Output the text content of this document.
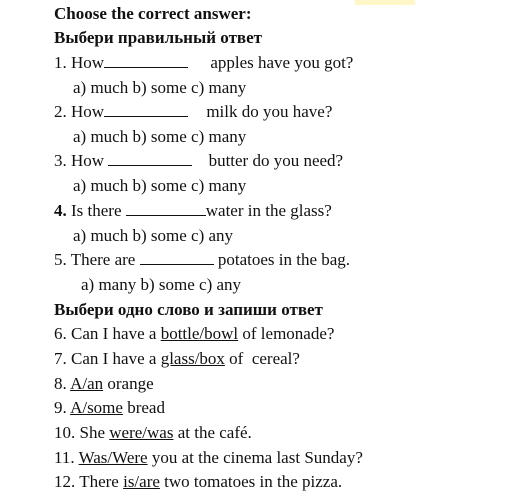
Choose the correct answer:
Выбери правильный ответ
1. How	apples have you got?
a) much b) some c) many
2. How	milk do you have?
a) much b) some c) many
3. How	butter do you need?
a) much b) some c) many
4. Is there	water in the glass?
a) much b) some c) any
5. There are	potatoes in the bag.
a) many b) some c) any
Выбери одно слово и запиши ответ
6. Can I have a bottle/bowl of lemonade?
7. Can I have a glass/box of  cereal?
8. A/an orange
9. A/some bread
10. She were/was at the café.
11. Was/Were you at the cinema last Sunday?
12. There is/are two tomatoes in the pizza.
